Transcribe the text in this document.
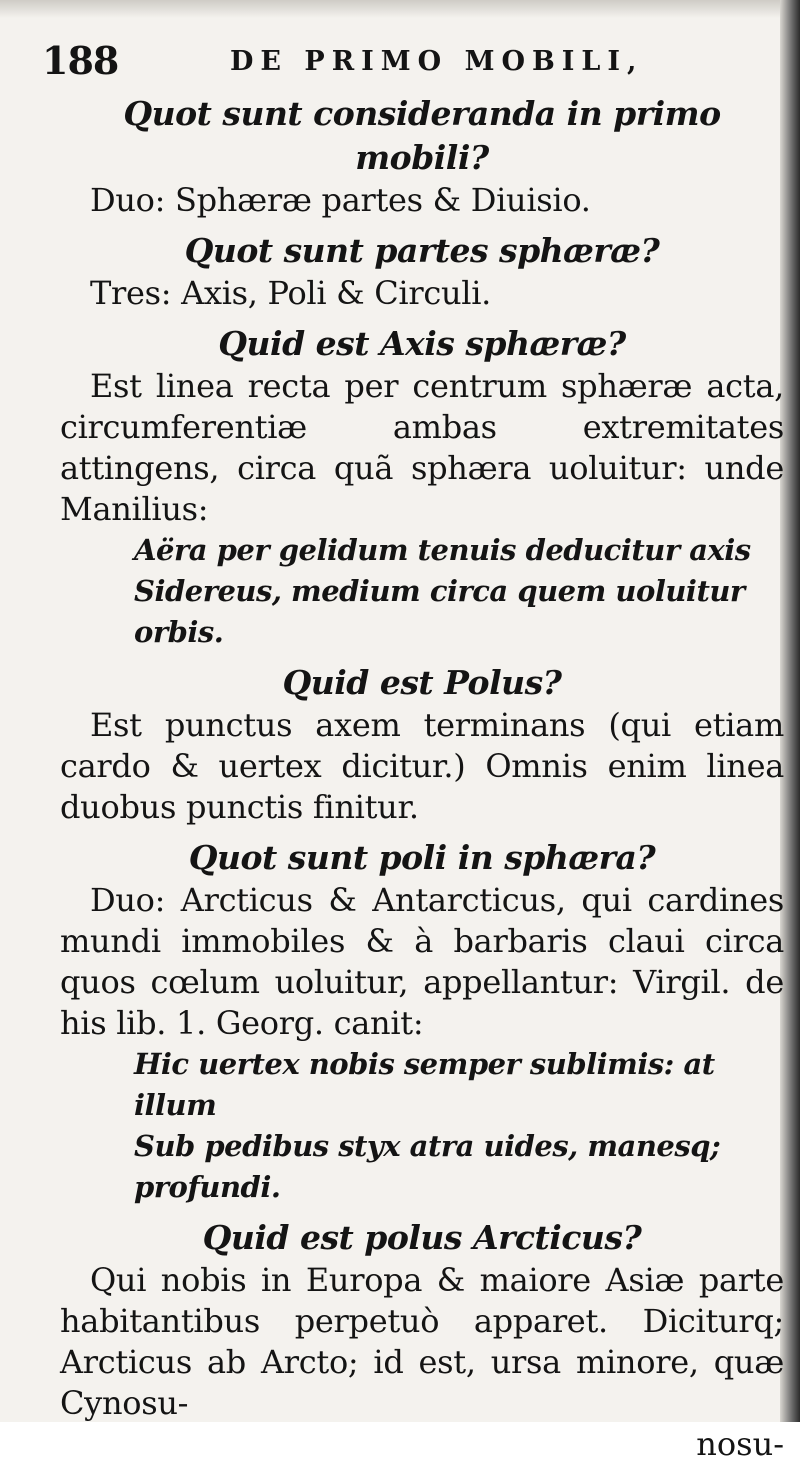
188	DE PRIMO MOBILI,

Quot sunt consideranda in primo mobili?

Duo: Sphæræ partes & Diuisio.

Quot sunt partes sphæræ?

Tres: Axis, Poli & Circuli.

Quid est Axis sphæræ?

Est linea recta per centrum sphæræ acta, circumferentiæ ambas extremitates attingens, circa quã sphæra uoluitur: unde Manilius:

Aëra per gelidum tenuis deducitur axis

Sidereus, medium circa quem uoluitur orbis.

Quid est Polus?

Est punctus axem terminans (qui etiam cardo & uertex dicitur.) Omnis enim linea duobus punctis finitur.

Quot sunt poli in sphæra?

Duo: Arcticus & Antarcticus, qui cardines mundi immobiles & à barbaris claui circa quos cœlum uoluitur, appellantur: Virgil. de his lib. 1. Georg. canit:

Hic uertex nobis semper sublimis: at illum

Sub pedibus styx atra uides, manesq; profundi.

Quid est polus Arcticus?

Qui nobis in Europa & maiore Asiæ parte habitantibus perpetuò apparet. Diciturq; Arcticus ab Arcto; id est, ursa minore, quæ Cynosu-

nosu-
